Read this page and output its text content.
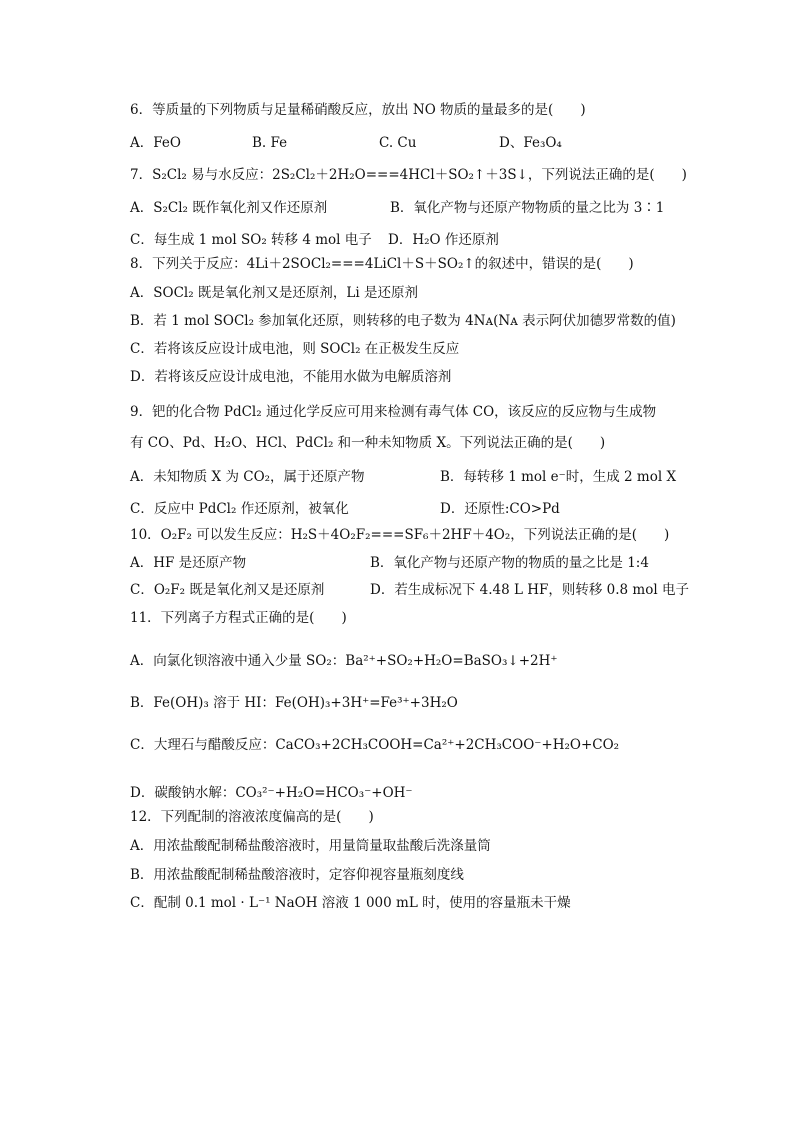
6．等质量的下列物质与足量稀硝酸反应，放出 NO 物质的量最多的是(　　)
A．FeO	B. Fe	C. Cu	D、Fe₃O₄
7．S₂Cl₂ 易与水反应：2S₂Cl₂＋2H₂O===4HCl＋SO₂↑＋3S↓，下列说法正确的是(　　)
A．S₂Cl₂ 既作氧化剂又作还原剂	B．氧化产物与还原产物物质的量之比为 3∶1
C．每生成 1 mol SO₂ 转移 4 mol 电子	D．H₂O 作还原剂
8．下列关于反应：4Li＋2SOCl₂===4LiCl＋S＋SO₂↑的叙述中，错误的是(　　)
A．SOCl₂ 既是氧化剂又是还原剂，Li 是还原剂
B．若 1 mol SOCl₂ 参加氧化还原，则转移的电子数为 4Nᴀ(Nᴀ 表示阿伏加德罗常数的值)
C．若将该反应设计成电池，则 SOCl₂ 在正极发生反应
D．若将该反应设计成电池，不能用水做为电解质溶剂
9．钯的化合物 PdCl₂ 通过化学反应可用来检测有毒气体 CO，该反应的反应物与生成物
有 CO、Pd、H₂O、HCl、PdCl₂ 和一种未知物质 X。下列说法正确的是(　　)
A．未知物质 X 为 CO₂，属于还原产物	B．每转移 1 mol e⁻时，生成 2 mol X
C．反应中 PdCl₂ 作还原剂，被氧化	D．还原性:CO>Pd
10．O₂F₂ 可以发生反应：H₂S＋4O₂F₂===SF₆＋2HF＋4O₂，下列说法正确的是(　　)
A．HF 是还原产物	B．氧化产物与还原产物的物质的量之比是 1:4
C．O₂F₂ 既是氧化剂又是还原剂	D．若生成标况下 4.48 L HF，则转移 0.8 mol 电子
11．下列离子方程式正确的是(　　)
A．向氯化钡溶液中通入少量 SO₂：Ba²⁺+SO₂+H₂O=BaSO₃↓+2H⁺
B．Fe(OH)₃ 溶于 HI：Fe(OH)₃+3H⁺=Fe³⁺+3H₂O
C．大理石与醋酸反应：CaCO₃+2CH₃COOH=Ca²⁺+2CH₃COO⁻+H₂O+CO₂
D．碳酸钠水解：CO₃²⁻+H₂O=HCO₃⁻+OH⁻
12．下列配制的溶液浓度偏高的是(　　)
A．用浓盐酸配制稀盐酸溶液时，用量筒量取盐酸后洗涤量筒
B．用浓盐酸配制稀盐酸溶液时，定容仰视容量瓶刻度线
C．配制 0.1 mol · L⁻¹ NaOH 溶液 1 000 mL 时，使用的容量瓶未干燥
